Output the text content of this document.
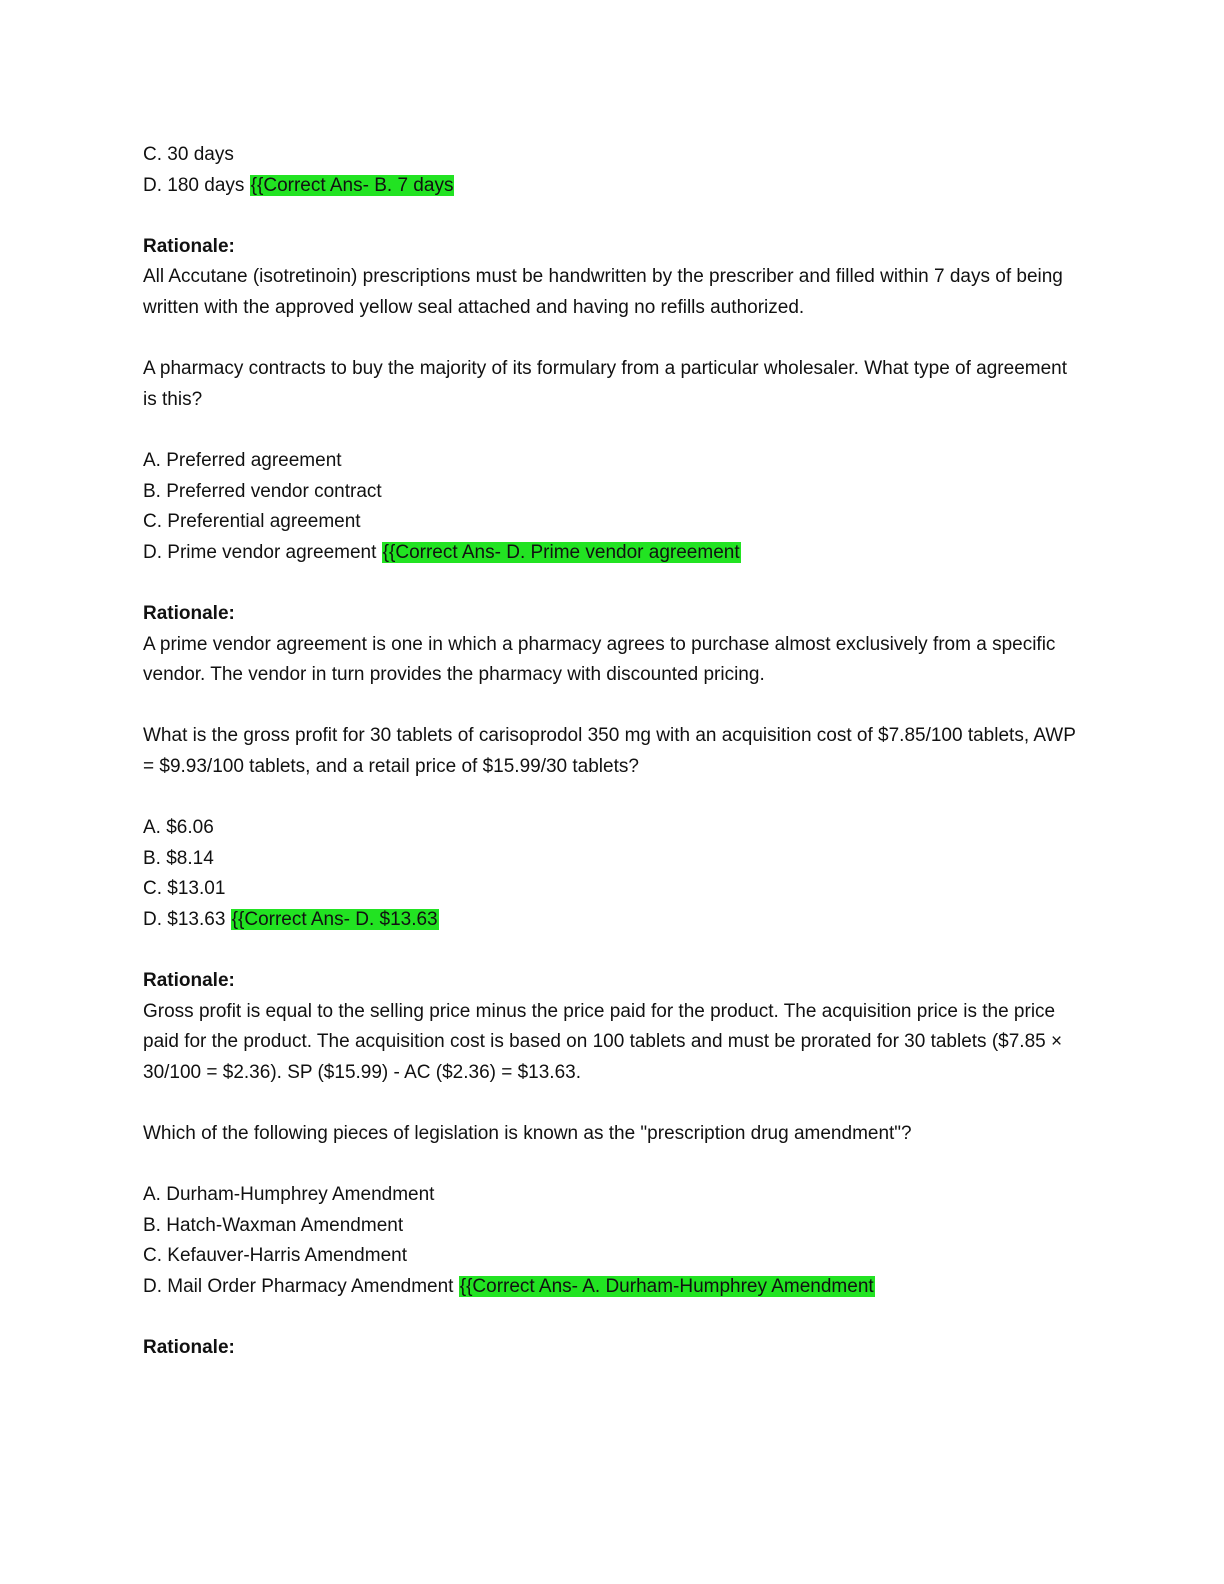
C. 30 days
D. 180 days {{Correct Ans- B. 7 days
Rationale:
All Accutane (isotretinoin) prescriptions must be handwritten by the prescriber and filled within 7 days of being written with the approved yellow seal attached and having no refills authorized.
A pharmacy contracts to buy the majority of its formulary from a particular wholesaler. What type of agreement is this?
A. Preferred agreement
B. Preferred vendor contract
C. Preferential agreement
D. Prime vendor agreement {{Correct Ans- D. Prime vendor agreement
Rationale:
A prime vendor agreement is one in which a pharmacy agrees to purchase almost exclusively from a specific vendor. The vendor in turn provides the pharmacy with discounted pricing.
What is the gross profit for 30 tablets of carisoprodol 350 mg with an acquisition cost of $7.85/100 tablets, AWP = $9.93/100 tablets, and a retail price of $15.99/30 tablets?
A. $6.06
B. $8.14
C. $13.01
D. $13.63 {{Correct Ans- D. $13.63
Rationale:
Gross profit is equal to the selling price minus the price paid for the product. The acquisition price is the price paid for the product. The acquisition cost is based on 100 tablets and must be prorated for 30 tablets ($7.85 × 30/100 = $2.36). SP ($15.99) - AC ($2.36) = $13.63.
Which of the following pieces of legislation is known as the "prescription drug amendment"?
A. Durham-Humphrey Amendment
B. Hatch-Waxman Amendment
C. Kefauver-Harris Amendment
D. Mail Order Pharmacy Amendment {{Correct Ans- A. Durham-Humphrey Amendment
Rationale:
